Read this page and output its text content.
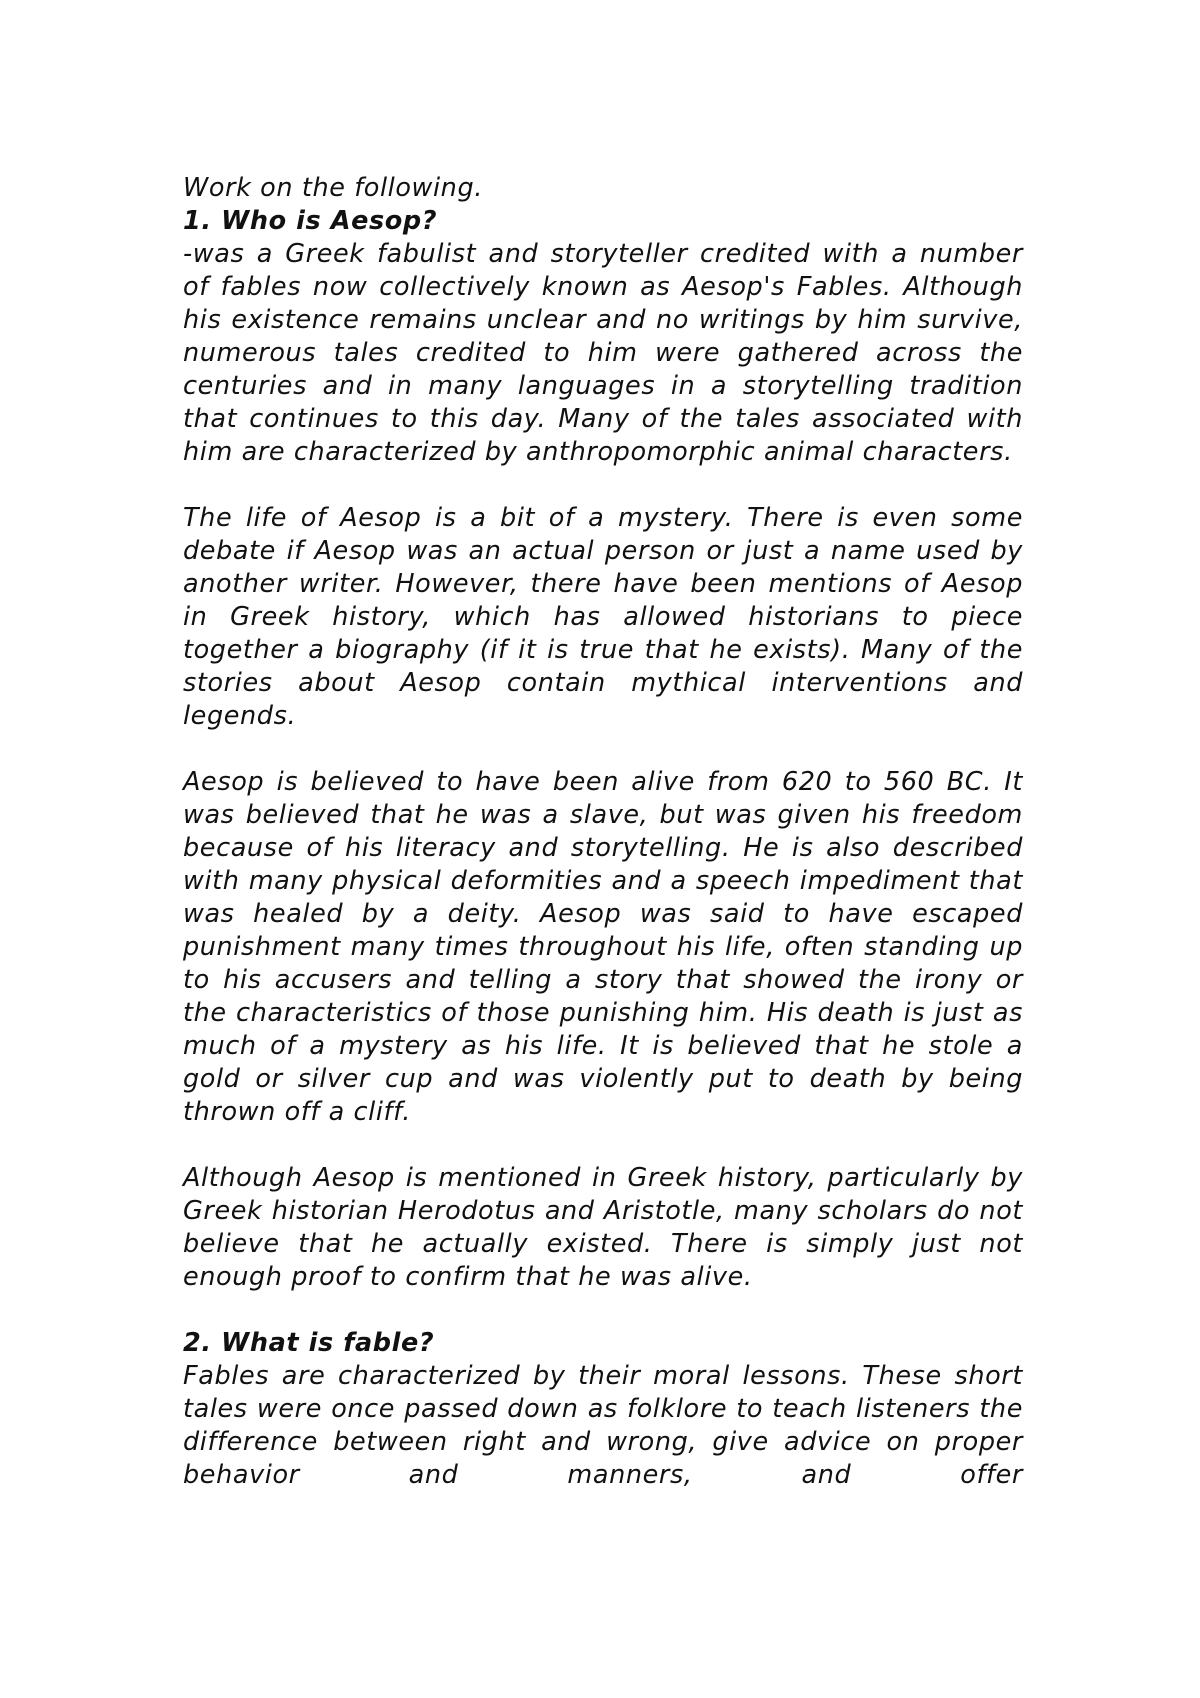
Work on the following.

1. Who is Aesop?

-was a Greek fabulist and storyteller credited with a number of fables now collectively known as Aesop's Fables. Although his existence remains unclear and no writings by him survive, numerous tales credited to him were gathered across the centuries and in many languages in a storytelling tradition that continues to this day. Many of the tales associated with him are characterized by anthropomorphic animal characters.

The life of Aesop is a bit of a mystery. There is even some debate if Aesop was an actual person or just a name used by another writer. However, there have been mentions of Aesop in Greek history, which has allowed historians to piece together a biography (if it is true that he exists). Many of the stories about Aesop contain mythical interventions and legends.

Aesop is believed to have been alive from 620 to 560 BC. It was believed that he was a slave, but was given his freedom because of his literacy and storytelling. He is also described with many physical deformities and a speech impediment that was healed by a deity. Aesop was said to have escaped punishment many times throughout his life, often standing up to his accusers and telling a story that showed the irony or the characteristics of those punishing him. His death is just as much of a mystery as his life. It is believed that he stole a gold or silver cup and was violently put to death by being thrown off a cliff.

Although Aesop is mentioned in Greek history, particularly by Greek historian Herodotus and Aristotle, many scholars do not believe that he actually existed. There is simply just not enough proof to confirm that he was alive.

2. What is fable?

Fables are characterized by their moral lessons. These short tales were once passed down as folklore to teach listeners the difference between right and wrong, give advice on proper behavior and manners, and offer
